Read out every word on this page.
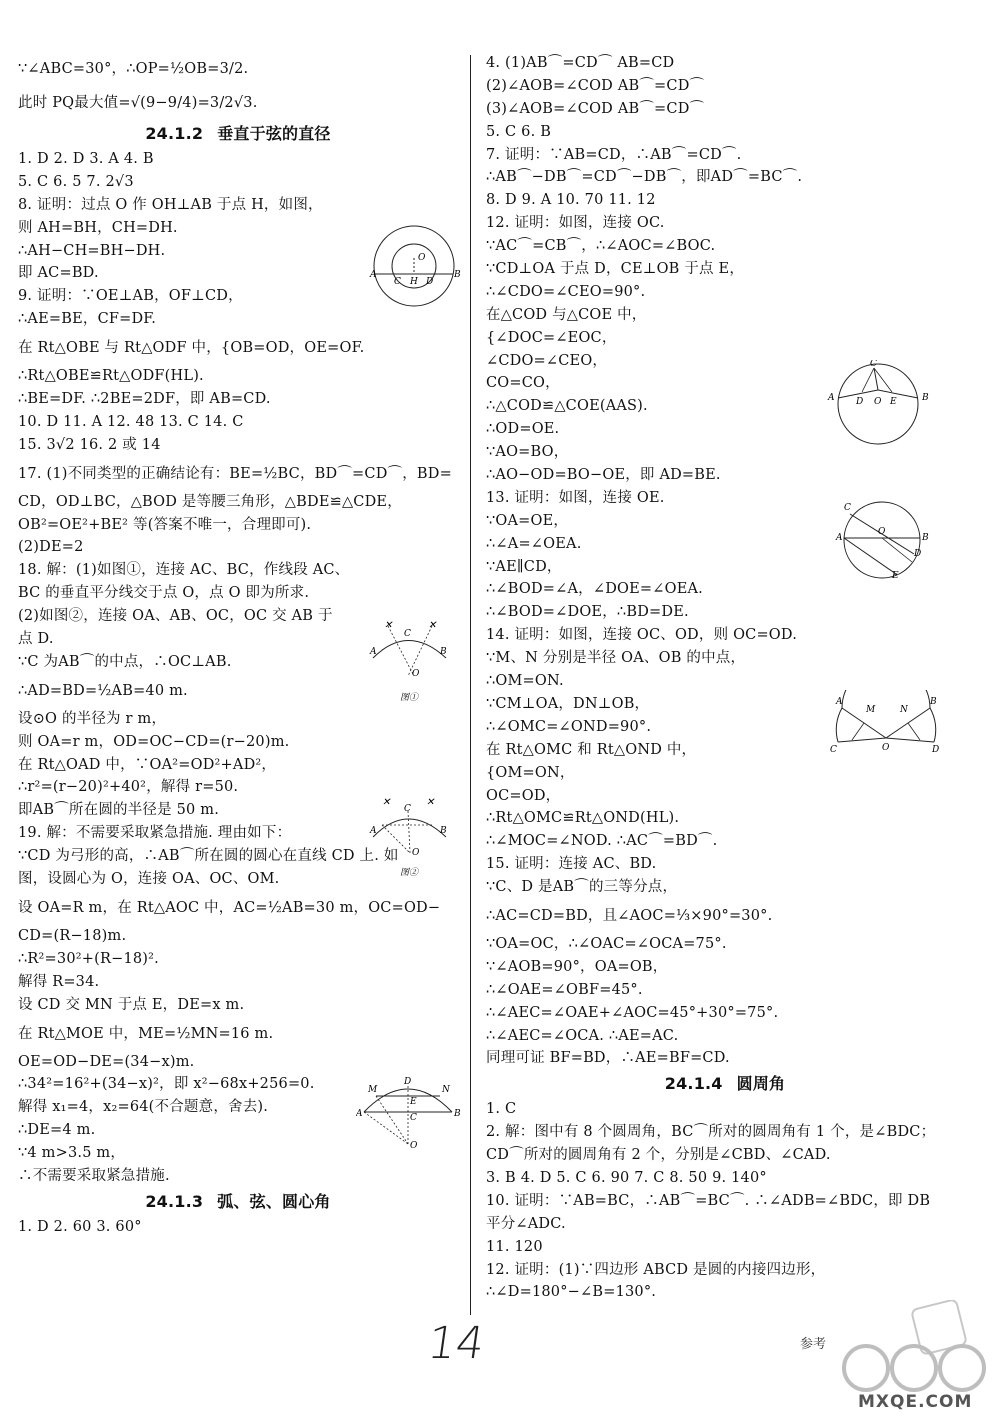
∵∠ABC=30°，∴OP=½OB=3/2.
此时 PQ最大值=√(9−9/4)=3/2√3.
24.1.2 垂直于弦的直径
1. D 2. D 3. A 4. B
5. C 6. 5 7. 2√3
8. 证明：过点 O 作 OH⊥AB 于点 H，如图，
则 AH=BH，CH=DH.
∴AH−CH=BH−DH.
即 AC=BD.
9. 证明：∵OE⊥AB，OF⊥CD，
∴AE=BE，CF=DF.
在 Rt△OBE 与 Rt△ODF 中，{OB=OD，OE=OF.
∴Rt△OBE≌Rt△ODF(HL).
∴BE=DF. ∴2BE=2DF，即 AB=CD.
10. D 11. A 12. 48 13. C 14. C
15. 3√2 16. 2 或 14
17. (1)不同类型的正确结论有：BE=½BC，BD⌒=CD⌒，BD=
CD，OD⊥BC，△BOD 是等腰三角形，△BDE≌△CDE，
OB²=OE²+BE² 等(答案不唯一，合理即可).
(2)DE=2
18. 解：(1)如图①，连接 AC、BC，作线段 AC、
BC 的垂直平分线交于点 O，点 O 即为所求.
(2)如图②，连接 OA、AB、OC，OC 交 AB 于
点 D.
∵C 为AB⌒的中点，∴OC⊥AB.
∴AD=BD=½AB=40 m.
设⊙O 的半径为 r m，
则 OA=r m，OD=OC−CD=(r−20)m.
在 Rt△OAD 中，∵OA²=OD²+AD²，
∴r²=(r−20)²+40²，解得 r=50.
即AB⌒所在圆的半径是 50 m.
19. 解：不需要采取紧急措施. 理由如下：
∵CD 为弓形的高，∴AB⌒所在圆的圆心在直线 CD 上. 如
图，设圆心为 O，连接 OA、OC、OM.
设 OA=R m，在 Rt△AOC 中，AC=½AB=30 m，OC=OD−
CD=(R−18)m.
∴R²=30²+(R−18)².
解得 R=34.
设 CD 交 MN 于点 E，DE=x m.
在 Rt△MOE 中，ME=½MN=16 m.
OE=OD−DE=(34−x)m.
∴34²=16²+(34−x)²，即 x²−68x+256=0.
解得 x₁=4，x₂=64(不合题意，舍去).
∴DE=4 m.
∵4 m>3.5 m，
∴不需要采取紧急措施.
24.1.3 弧、弦、圆心角
1. D 2. 60 3. 60°
4. (1)AB⌒=CD⌒ AB=CD
(2)∠AOB=∠COD AB⌒=CD⌒
(3)∠AOB=∠COD AB⌒=CD⌒
5. C 6. B
7. 证明：∵AB=CD，∴AB⌒=CD⌒.
∴AB⌒−DB⌒=CD⌒−DB⌒，即AD⌒=BC⌒.
8. D 9. A 10. 70 11. 12
12. 证明：如图，连接 OC.
∵AC⌒=CB⌒，∴∠AOC=∠BOC.
∵CD⊥OA 于点 D，CE⊥OB 于点 E，
∴∠CDO=∠CEO=90°.
在△COD 与△COE 中，
{∠DOC=∠EOC，
∠CDO=∠CEO，
CO=CO，
∴△COD≌△COE(AAS).
∴OD=OE.
∵AO=BO，
∴AO−OD=BO−OE，即 AD=BE.
13. 证明：如图，连接 OE.
∵OA=OE，
∴∠A=∠OEA.
∵AE∥CD，
∴∠BOD=∠A，∠DOE=∠OEA.
∴∠BOD=∠DOE，∴BD=DE.
14. 证明：如图，连接 OC、OD，则 OC=OD.
∵M、N 分别是半径 OA、OB 的中点，
∴OM=ON.
∵CM⊥OA，DN⊥OB，
∴∠OMC=∠OND=90°.
在 Rt△OMC 和 Rt△OND 中，
{OM=ON，
OC=OD，
∴Rt△OMC≌Rt△OND(HL).
∴∠MOC=∠NOD. ∴AC⌒=BD⌒.
15. 证明：连接 AC、BD.
∵C、D 是AB⌒的三等分点，
∴AC=CD=BD，且∠AOC=⅓×90°=30°.
∵OA=OC，∴∠OAC=∠OCA=75°.
∵∠AOB=90°，OA=OB，
∴∠OAE=∠OBF=45°.
∴∠AEC=∠OAE+∠AOC=45°+30°=75°.
∴∠AEC=∠OCA. ∴AE=AC.
同理可证 BF=BD，∴AE=BF=CD.
24.1.4 圆周角
1. C
2. 解：图中有 8 个圆周角，BC⌒所对的圆周角有 1 个，是∠BDC；
CD⌒所对的圆周角有 2 个，分别是∠CBD、∠CAD.
3. B 4. D 5. C 6. 90 7. C 8. 50 9. 140°
10. 证明：∵AB=BC，∴AB⌒=BC⌒. ∴∠ADB=∠BDC，即 DB
平分∠ADC.
11. 120
12. 证明：(1)∵四边形 ABCD 是圆的内接四边形，
∴∠D=180°−∠B=130°.
O
A	B
C H D
✕	✕
A
C
B
O
图①
✕	✕
A
C
B
O
图②
M
D
N
E
A	C	B
O
C
A	B
D O E
C
A
O
B
D
E
A
M	N
B
C	O	D
14	参考
MXQE.COM
